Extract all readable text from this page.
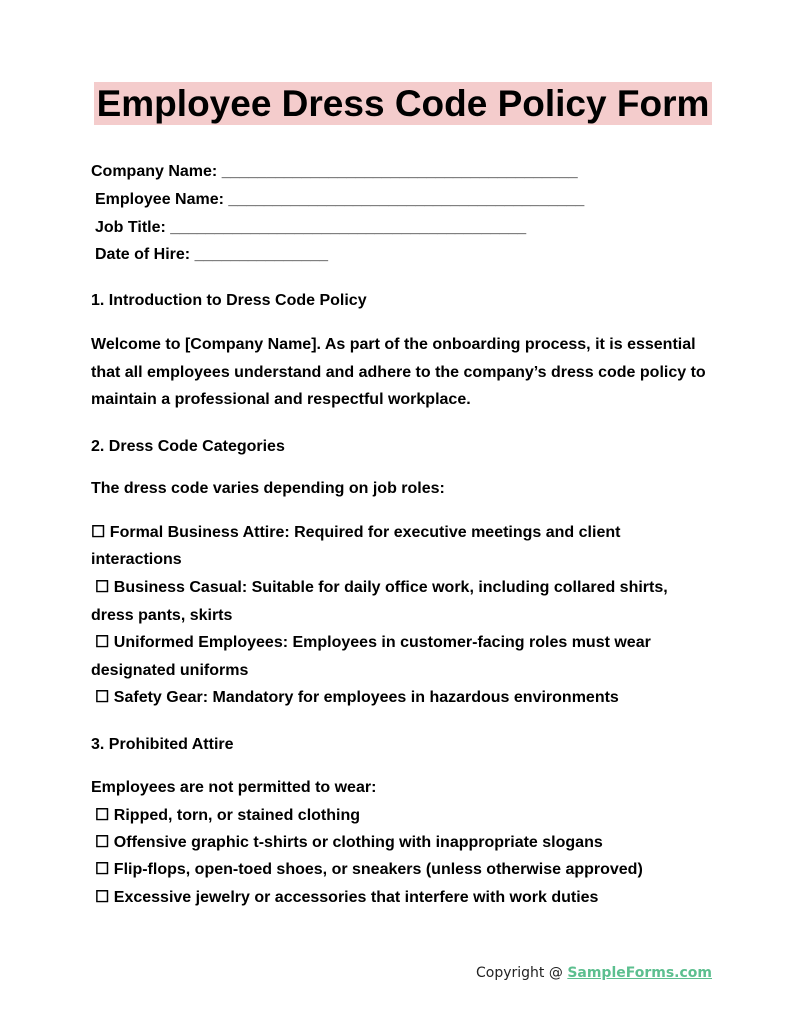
Employee Dress Code Policy Form
Company Name: ________________________________________
Employee Name: ________________________________________
Job Title: ________________________________________
Date of Hire: _______________
1. Introduction to Dress Code Policy
Welcome to [Company Name]. As part of the onboarding process, it is essential
that all employees understand and adhere to the company’s dress code policy to
maintain a professional and respectful workplace.
2. Dress Code Categories
The dress code varies depending on job roles:
☐ Formal Business Attire: Required for executive meetings and client
interactions
☐ Business Casual: Suitable for daily office work, including collared shirts,
dress pants, skirts
☐ Uniformed Employees: Employees in customer-facing roles must wear
designated uniforms
☐ Safety Gear: Mandatory for employees in hazardous environments
3. Prohibited Attire
Employees are not permitted to wear:
☐ Ripped, torn, or stained clothing
☐ Offensive graphic t-shirts or clothing with inappropriate slogans
☐ Flip-flops, open-toed shoes, or sneakers (unless otherwise approved)
☐ Excessive jewelry or accessories that interfere with work duties
Copyright @ SampleForms.com
